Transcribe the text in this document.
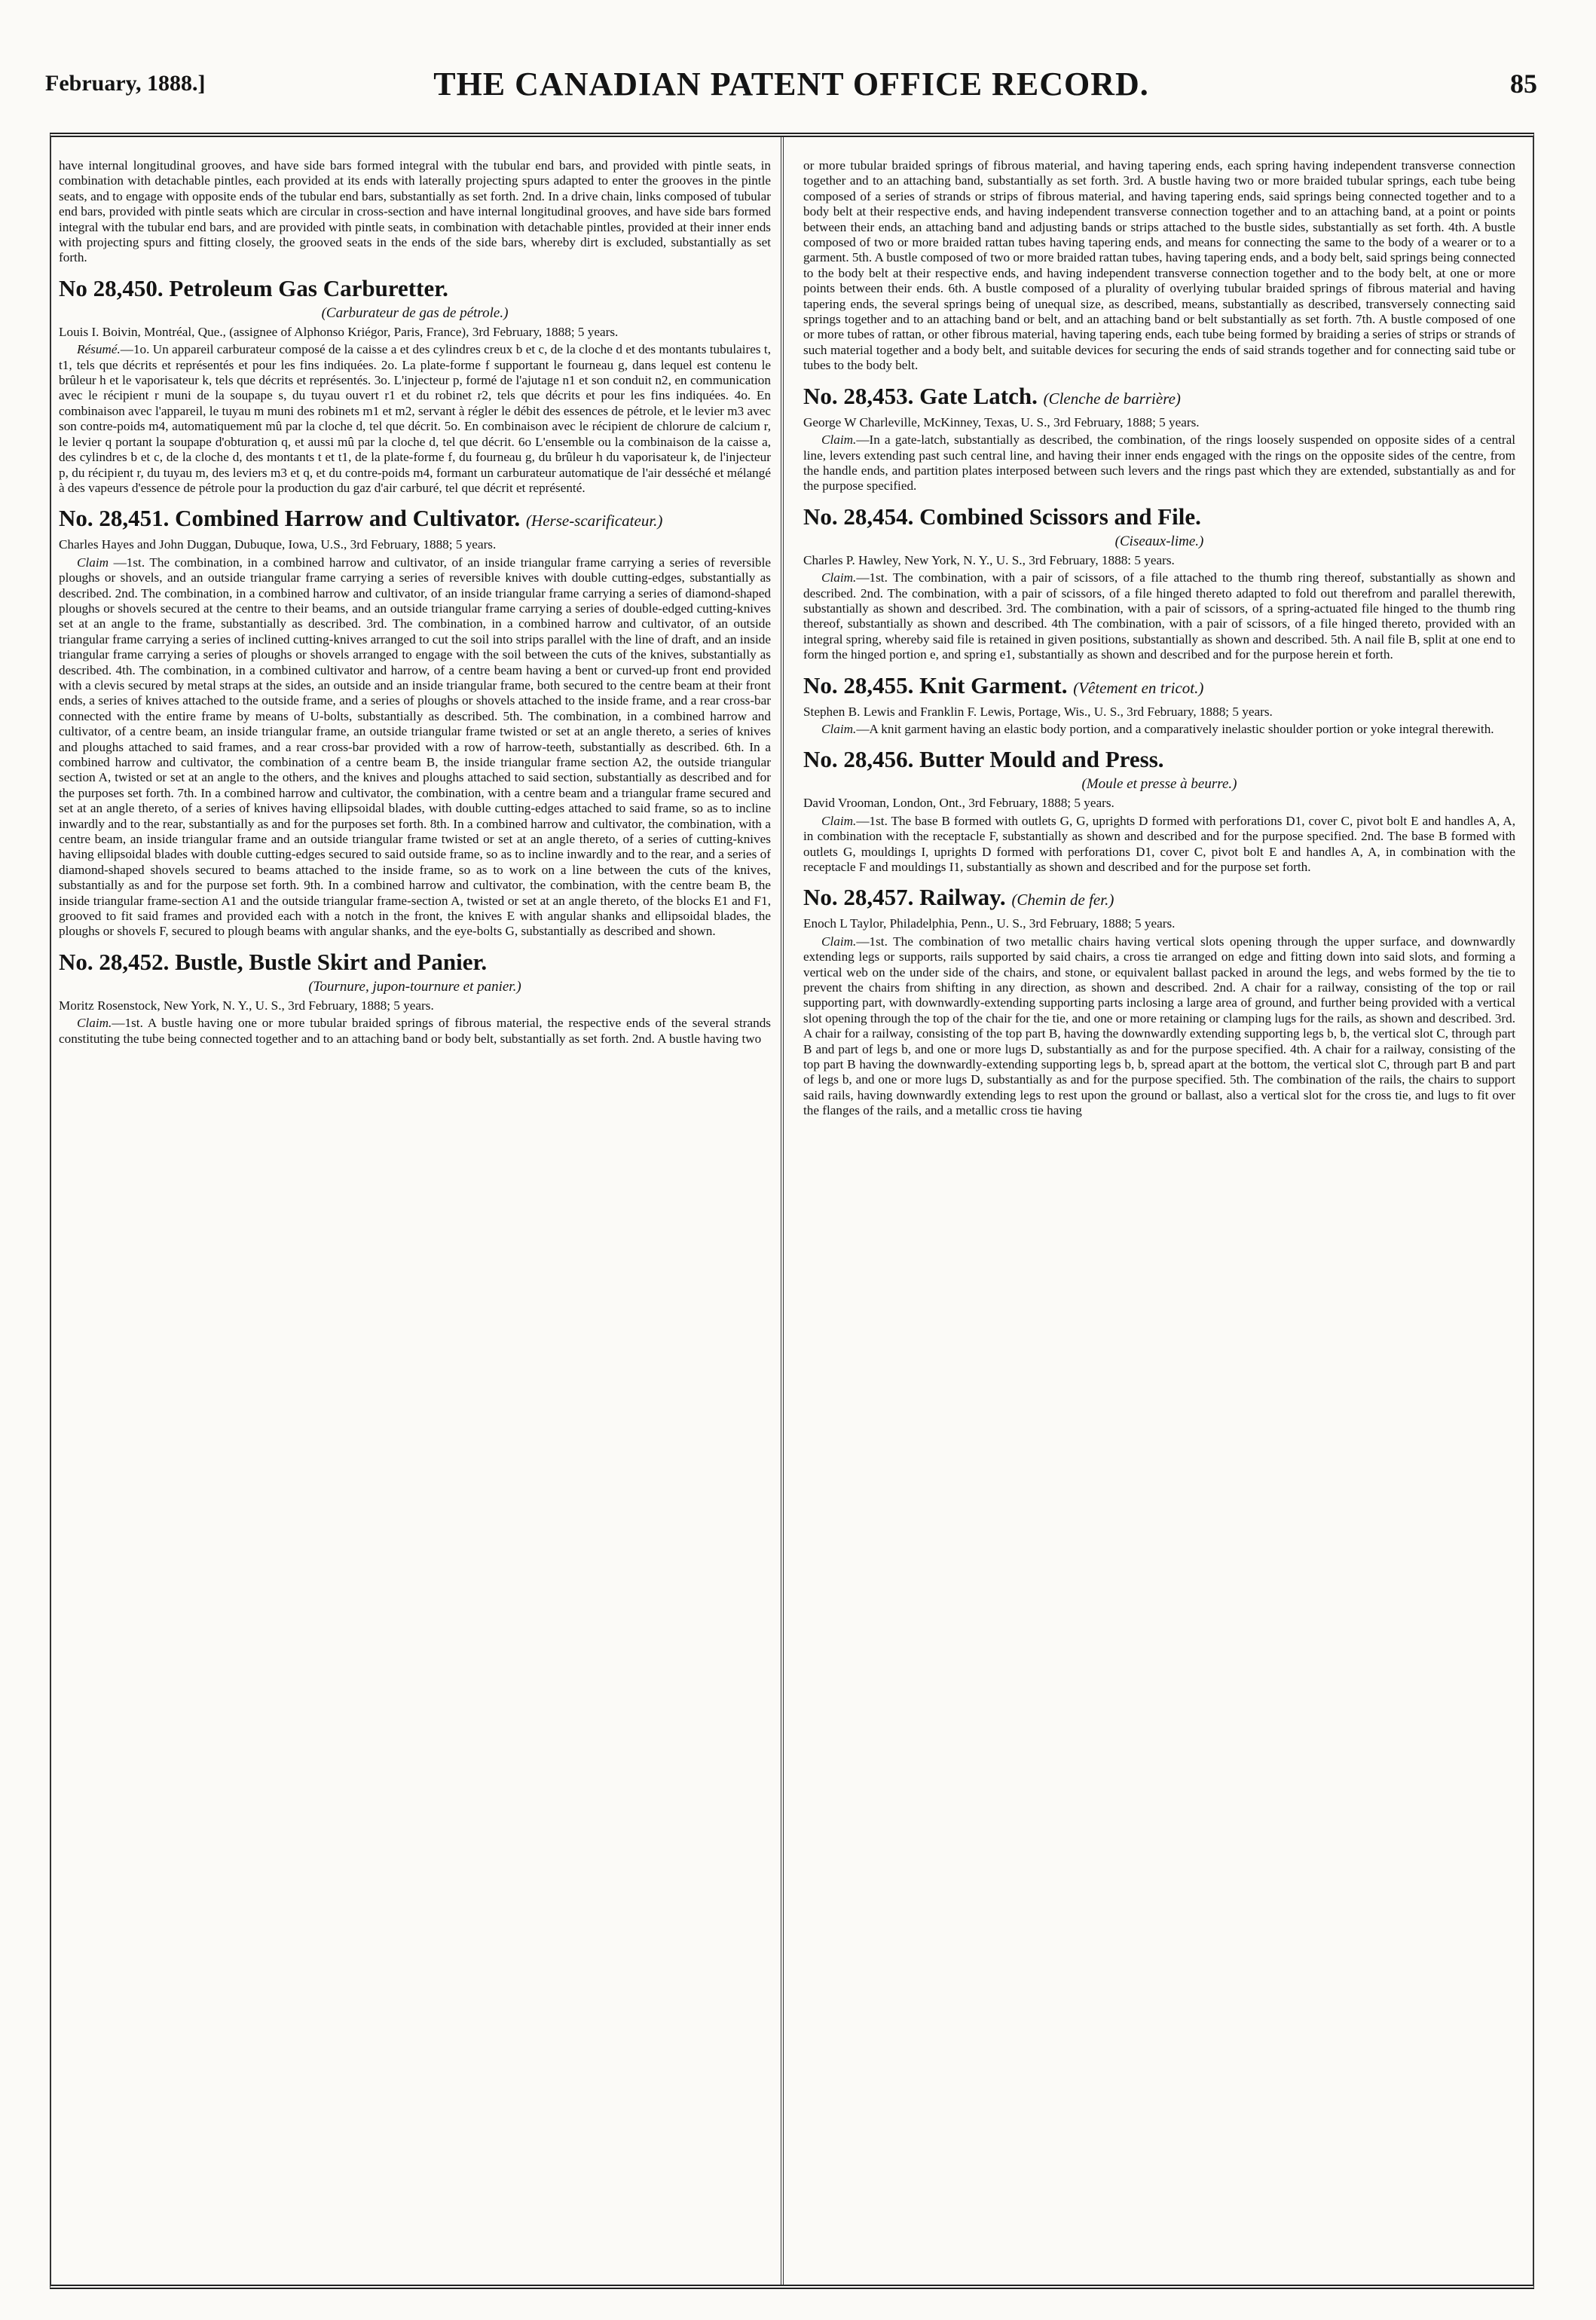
February, 1888.]	THE CANADIAN PATENT OFFICE RECORD.	85

have internal longitudinal grooves, and have side bars formed integral with the tubular end bars, and provided with pintle seats, in combination with detachable pintles, each provided at its ends with laterally projecting spurs adapted to enter the grooves in the pintle seats, and to engage with opposite ends of the tubular end bars, substantially as set forth. 2nd. In a drive chain, links composed of tubular end bars, provided with pintle seats which are circular in cross-section and have internal longitudinal grooves, and have side bars formed integral with the tubular end bars, and are provided with pintle seats, in combination with detachable pintles, provided at their inner ends with projecting spurs and fitting closely, the grooved seats in the ends of the side bars, whereby dirt is excluded, substantially as set forth.

No 28,450. Petroleum Gas Carburetter.
(Carburateur de gas de pétrole.)

Louis I. Boivin, Montréal, Que., (assignee of Alphonso Kriégor, Paris, France), 3rd February, 1888; 5 years.

Résumé.—1o. Un appareil carburateur composé de la caisse a et des cylindres creux b et c, de la cloche d et des montants tubulaires t, t1, tels que décrits et représentés et pour les fins indiquées. 2o. La plate-forme f supportant le fourneau g, dans lequel est contenu le brûleur h et le vaporisateur k, tels que décrits et représentés. 3o. L'injecteur p, formé de l'ajutage n1 et son conduit n2, en communication avec le récipient r muni de la soupape s, du tuyau ouvert r1 et du robinet r2, tels que décrits et pour les fins indiquées. 4o. En combinaison avec l'appareil, le tuyau m muni des robinets m1 et m2, servant à régler le débit des essences de pétrole, et le levier m3 avec son contre-poids m4, automatiquement mû par la cloche d, tel que décrit. 5o. En combinaison avec le récipient de chlorure de calcium r, le levier q portant la soupape d'obturation q, et aussi mû par la cloche d, tel que décrit. 6o L'ensemble ou la combinaison de la caisse a, des cylindres b et c, de la cloche d, des montants t et t1, de la plate-forme f, du fourneau g, du brûleur h du vaporisateur k, de l'injecteur p, du récipient r, du tuyau m, des leviers m3 et q, et du contre-poids m4, formant un carburateur automatique de l'air desséché et mélangé à des vapeurs d'essence de pétrole pour la production du gaz d'air carburé, tel que décrit et représenté.

No. 28,451. Combined Harrow and Cultivator. (Herse-scarificateur.)

Charles Hayes and John Duggan, Dubuque, Iowa, U.S., 3rd February, 1888; 5 years.

Claim —1st. The combination, in a combined harrow and cultivator, of an inside triangular frame carrying a series of reversible ploughs or shovels, and an outside triangular frame carrying a series of reversible knives with double cutting-edges, substantially as described. 2nd. The combination, in a combined harrow and cultivator, of an inside triangular frame carrying a series of diamond-shaped ploughs or shovels secured at the centre to their beams, and an outside triangular frame carrying a series of double-edged cutting-knives set at an angle to the frame, substantially as described. 3rd. The combination, in a combined harrow and cultivator, of an outside triangular frame carrying a series of inclined cutting-knives arranged to cut the soil into strips parallel with the line of draft, and an inside triangular frame carrying a series of ploughs or shovels arranged to engage with the soil between the cuts of the knives, substantially as described. 4th. The combination, in a combined cultivator and harrow, of a centre beam having a bent or curved-up front end provided with a clevis secured by metal straps at the sides, an outside and an inside triangular frame, both secured to the centre beam at their front ends, a series of knives attached to the outside frame, and a series of ploughs or shovels attached to the inside frame, and a rear cross-bar connected with the entire frame by means of U-bolts, substantially as described. 5th. The combination, in a combined harrow and cultivator, of a centre beam, an inside triangular frame, an outside triangular frame twisted or set at an angle thereto, a series of knives and ploughs attached to said frames, and a rear cross-bar provided with a row of harrow-teeth, substantially as described. 6th. In a combined harrow and cultivator, the combination of a centre beam B, the inside triangular frame section A2, the outside triangular section A, twisted or set at an angle to the others, and the knives and ploughs attached to said section, substantially as described and for the purposes set forth. 7th. In a combined harrow and cultivator, the combination, with a centre beam and a triangular frame secured and set at an angle thereto, of a series of knives having ellipsoidal blades, with double cutting-edges attached to said frame, so as to incline inwardly and to the rear, substantially as and for the purposes set forth. 8th. In a combined harrow and cultivator, the combination, with a centre beam, an inside triangular frame and an outside triangular frame twisted or set at an angle thereto, of a series of cutting-knives having ellipsoidal blades with double cutting-edges secured to said outside frame, so as to incline inwardly and to the rear, and a series of diamond-shaped shovels secured to beams attached to the inside frame, so as to work on a line between the cuts of the knives, substantially as and for the purpose set forth. 9th. In a combined harrow and cultivator, the combination, with the centre beam B, the inside triangular frame-section A1 and the outside triangular frame-section A, twisted or set at an angle thereto, of the blocks E1 and F1, grooved to fit said frames and provided each with a notch in the front, the knives E with angular shanks and ellipsoidal blades, the ploughs or shovels F, secured to plough beams with angular shanks, and the eye-bolts G, substantially as described and shown.

No. 28,452. Bustle, Bustle Skirt and Panier.
(Tournure, jupon-tournure et panier.)

Moritz Rosenstock, New York, N. Y., U. S., 3rd February, 1888; 5 years.

Claim.—1st. A bustle having one or more tubular braided springs of fibrous material, the respective ends of the several strands constituting the tube being connected together and to an attaching band or body belt, substantially as set forth. 2nd. A bustle having two

or more tubular braided springs of fibrous material, and having tapering ends, each spring having independent transverse connection together and to an attaching band, substantially as set forth. 3rd. A bustle having two or more braided tubular springs, each tube being composed of a series of strands or strips of fibrous material, and having tapering ends, said springs being connected together and to a body belt at their respective ends, and having independent transverse connection together and to an attaching band, at a point or points between their ends, an attaching band and adjusting bands or strips attached to the bustle sides, substantially as set forth. 4th. A bustle composed of two or more braided rattan tubes having tapering ends, and means for connecting the same to the body of a wearer or to a garment. 5th. A bustle composed of two or more braided rattan tubes, having tapering ends, and a body belt, said springs being connected to the body belt at their respective ends, and having independent transverse connection together and to the body belt, at one or more points between their ends. 6th. A bustle composed of a plurality of overlying tubular braided springs of fibrous material and having tapering ends, the several springs being of unequal size, as described, means, substantially as described, transversely connecting said springs together and to an attaching band or belt, and an attaching band or belt substantially as set forth. 7th. A bustle composed of one or more tubes of rattan, or other fibrous material, having tapering ends, each tube being formed by braiding a series of strips or strands of such material together and a body belt, and suitable devices for securing the ends of said strands together and for connecting said tube or tubes to the body belt.

No. 28,453. Gate Latch. (Clenche de barrière)

George W Charleville, McKinney, Texas, U. S., 3rd February, 1888; 5 years.

Claim.—In a gate-latch, substantially as described, the combination, of the rings loosely suspended on opposite sides of a central line, levers extending past such central line, and having their inner ends engaged with the rings on the opposite sides of the centre, from the handle ends, and partition plates interposed between such levers and the rings past which they are extended, substantially as and for the purpose specified.

No. 28,454. Combined Scissors and File.
(Ciseaux-lime.)

Charles P. Hawley, New York, N. Y., U. S., 3rd February, 1888: 5 years.

Claim.—1st. The combination, with a pair of scissors, of a file attached to the thumb ring thereof, substantially as shown and described. 2nd. The combination, with a pair of scissors, of a file hinged thereto adapted to fold out therefrom and parallel therewith, substantially as shown and described. 3rd. The combination, with a pair of scissors, of a spring-actuated file hinged to the thumb ring thereof, substantially as shown and described. 4th The combination, with a pair of scissors, of a file hinged thereto, provided with an integral spring, whereby said file is retained in given positions, substantially as shown and described. 5th. A nail file B, split at one end to form the hinged portion e, and spring e1, substantially as shown and described and for the purpose herein et forth.

No. 28,455. Knit Garment. (Vêtement en tricot.)

Stephen B. Lewis and Franklin F. Lewis, Portage, Wis., U. S., 3rd February, 1888; 5 years.

Claim.—A knit garment having an elastic body portion, and a comparatively inelastic shoulder portion or yoke integral therewith.

No. 28,456. Butter Mould and Press.
(Moule et presse à beurre.)

David Vrooman, London, Ont., 3rd February, 1888; 5 years.

Claim.—1st. The base B formed with outlets G, G, uprights D formed with perforations D1, cover C, pivot bolt E and handles A, A, in combination with the receptacle F, substantially as shown and described and for the purpose specified. 2nd. The base B formed with outlets G, mouldings I, uprights D formed with perforations D1, cover C, pivot bolt E and handles A, A, in combination with the receptacle F and mouldings I1, substantially as shown and described and for the purpose set forth.

No. 28,457. Railway. (Chemin de fer.)

Enoch L Taylor, Philadelphia, Penn., U. S., 3rd February, 1888; 5 years.

Claim.—1st. The combination of two metallic chairs having vertical slots opening through the upper surface, and downwardly extending legs or supports, rails supported by said chairs, a cross tie arranged on edge and fitting down into said slots, and forming a vertical web on the under side of the chairs, and stone, or equivalent ballast packed in around the legs, and webs formed by the tie to prevent the chairs from shifting in any direction, as shown and described. 2nd. A chair for a railway, consisting of the top or rail supporting part, with downwardly-extending supporting parts inclosing a large area of ground, and further being provided with a vertical slot opening through the top of the chair for the tie, and one or more retaining or clamping lugs for the rails, as shown and described. 3rd. A chair for a railway, consisting of the top part B, having the downwardly extending supporting legs b, b, the vertical slot C, through part B and part of legs b, and one or more lugs D, substantially as and for the purpose specified. 4th. A chair for a railway, consisting of the top part B having the downwardly-extending supporting legs b, b, spread apart at the bottom, the vertical slot C, through part B and part of legs b, and one or more lugs D, substantially as and for the purpose specified. 5th. The combination of the rails, the chairs to support said rails, having downwardly extending legs to rest upon the ground or ballast, also a vertical slot for the cross tie, and lugs to fit over the flanges of the rails, and a metallic cross tie having
